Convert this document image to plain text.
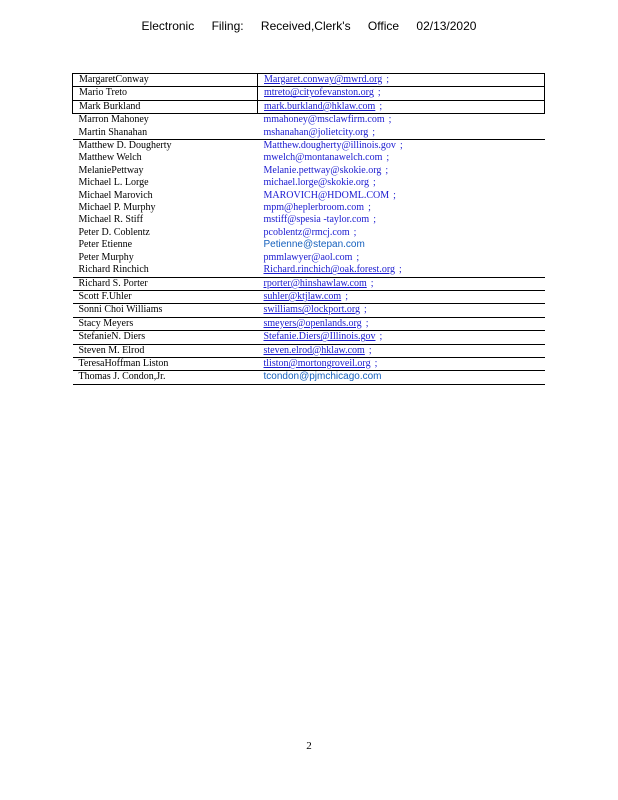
Electronic Filing: Received,Clerk's Office 02/13/2020
MargaretConway	Margaret.conway@mwrd.org ;
Mario Treto	mtreto@cityofevanston.org ;
Mark Burkland	mark.burkland@hklaw.com ;
Marron Mahoney	mmahoney@msclawfirm.com ;
Martin Shanahan	mshanahan@jolietcity.org ;
Matthew D. Dougherty	Matthew.dougherty@illinois.gov ;
Matthew Welch	mwelch@montanawelch.com ;
MelaniePettway	Melanie.pettway@skokie.org ;
Michael L. Lorge	michael.lorge@skokie.org ;
Michael Marovich	MAROVICH@HDOML.COM ;
Michael P. Murphy	mpm@heplerbroom.com ;
Michael R. Stiff	mstiff@spesia -taylor.com ;
Peter D. Coblentz	pcoblentz@rmcj.com ;
Peter Etienne	Petienne@stepan.com
Peter Murphy	pmmlawyer@aol.com ;
Richard Rinchich	Richard.rinchich@oak.forest.org ;
Richard S. Porter	rporter@hinshawlaw.com ;
Scott F.Uhler	suhler@ktjlaw.com ;
Sonni Choi Williams	swilliams@lockport.org ;
Stacy Meyers	smeyers@openlands.org ;
StefanieN. Diers	Stefanie.Diers@Illinois.gov ;
Steven M. Elrod	steven.elrod@hklaw.com ;
TeresaHoffman Liston	tliston@mortongroveil.org ;
Thomas J. Condon,Jr.	tcondon@pjmchicago.com
2
